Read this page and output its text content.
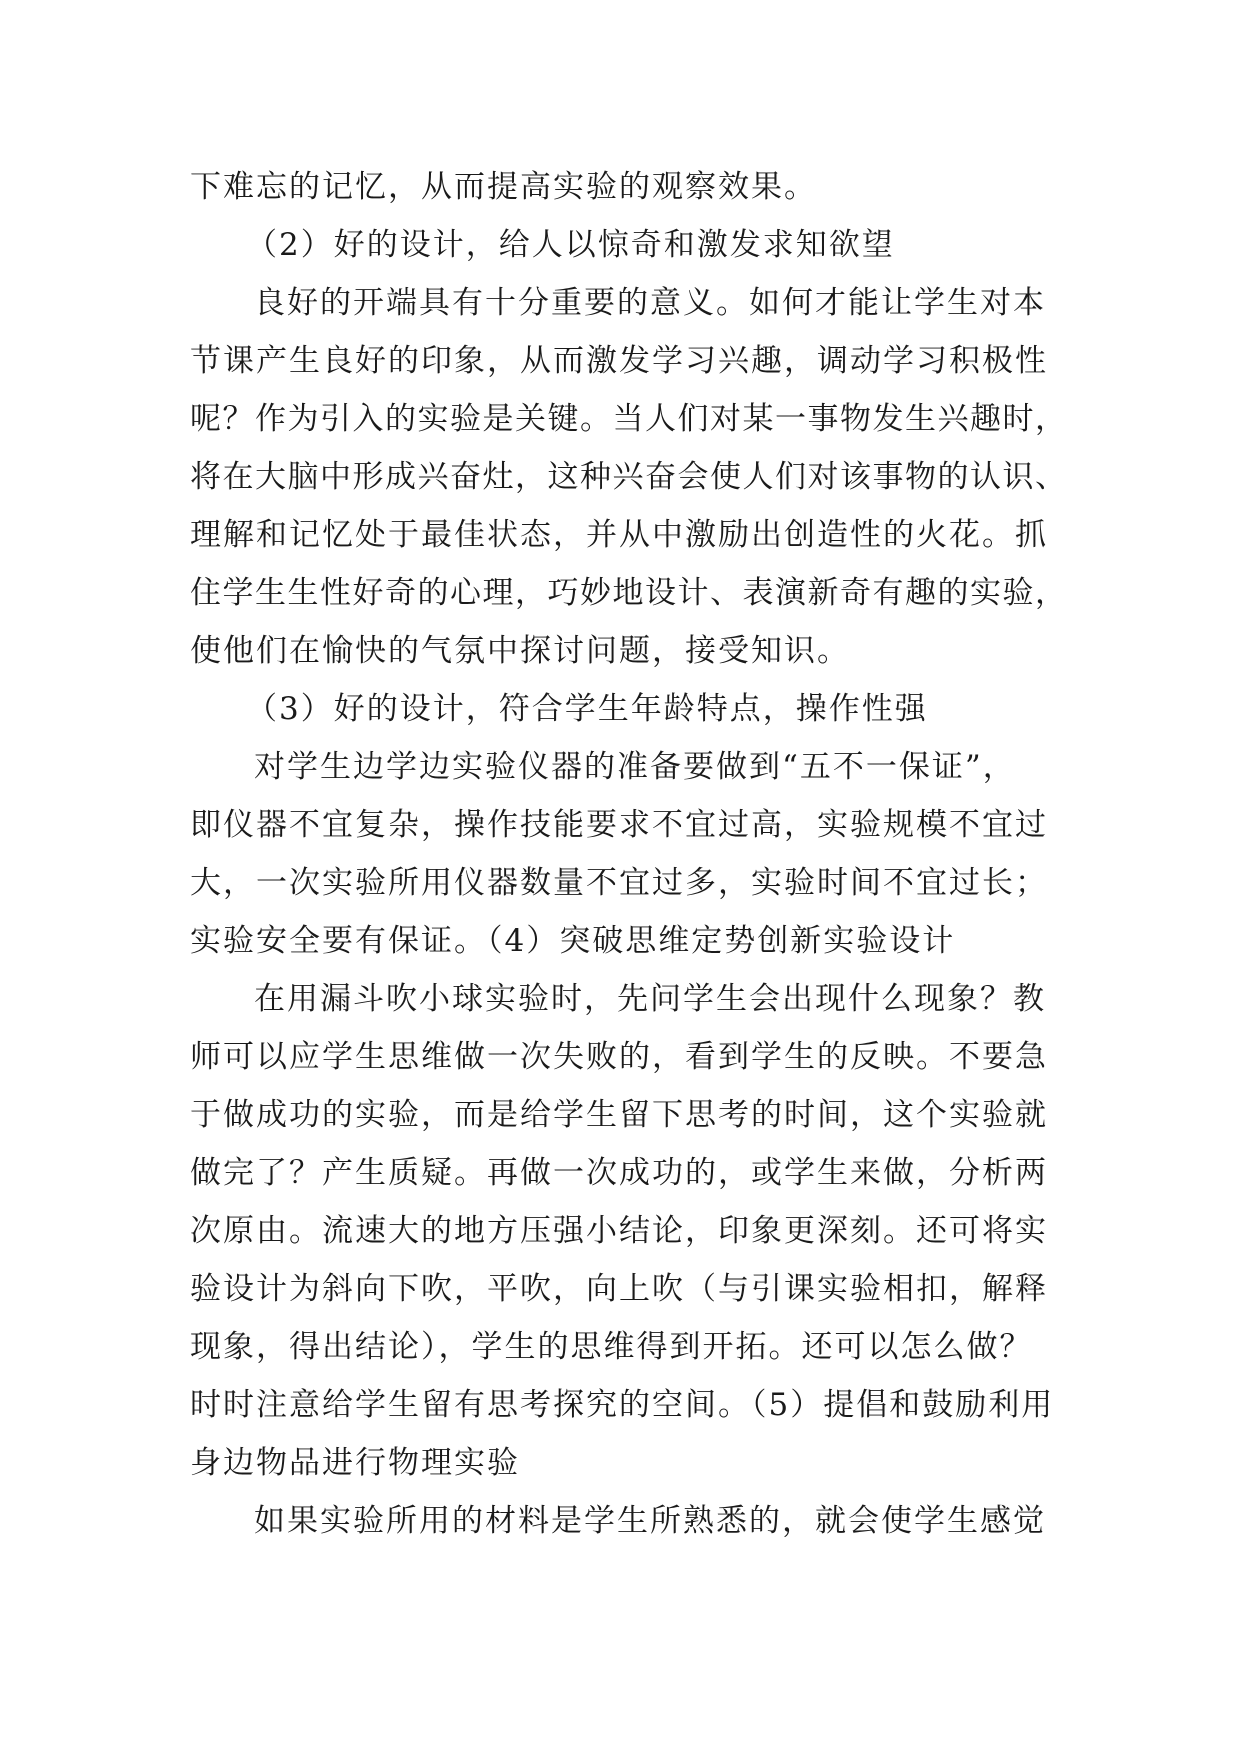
下难忘的记忆，从而提高实验的观察效果。
（2）好的设计，给人以惊奇和激发求知欲望
良好的开端具有十分重要的意义。如何才能让学生对本
节课产生良好的印象，从而激发学习兴趣，调动学习积极性
呢？作为引入的实验是关键。当人们对某一事物发生兴趣时，
将在大脑中形成兴奋灶，这种兴奋会使人们对该事物的认识、
理解和记忆处于最佳状态，并从中激励出创造性的火花。抓
住学生生性好奇的心理，巧妙地设计、表演新奇有趣的实验，
使他们在愉快的气氛中探讨问题，接受知识。
（3）好的设计，符合学生年龄特点，操作性强
对学生边学边实验仪器的准备要做到“五不一保证”，
即仪器不宜复杂，操作技能要求不宜过高，实验规模不宜过
大，一次实验所用仪器数量不宜过多，实验时间不宜过长；
实验安全要有保证。（4）突破思维定势创新实验设计
在用漏斗吹小球实验时，先问学生会出现什么现象？教
师可以应学生思维做一次失败的，看到学生的反映。不要急
于做成功的实验，而是给学生留下思考的时间，这个实验就
做完了？产生质疑。再做一次成功的，或学生来做，分析两
次原由。流速大的地方压强小结论，印象更深刻。还可将实
验设计为斜向下吹，平吹，向上吹（与引课实验相扣，解释
现象，得出结论），学生的思维得到开拓。还可以怎么做？
时时注意给学生留有思考探究的空间。（5）提倡和鼓励利用
身边物品进行物理实验
如果实验所用的材料是学生所熟悉的，就会使学生感觉
